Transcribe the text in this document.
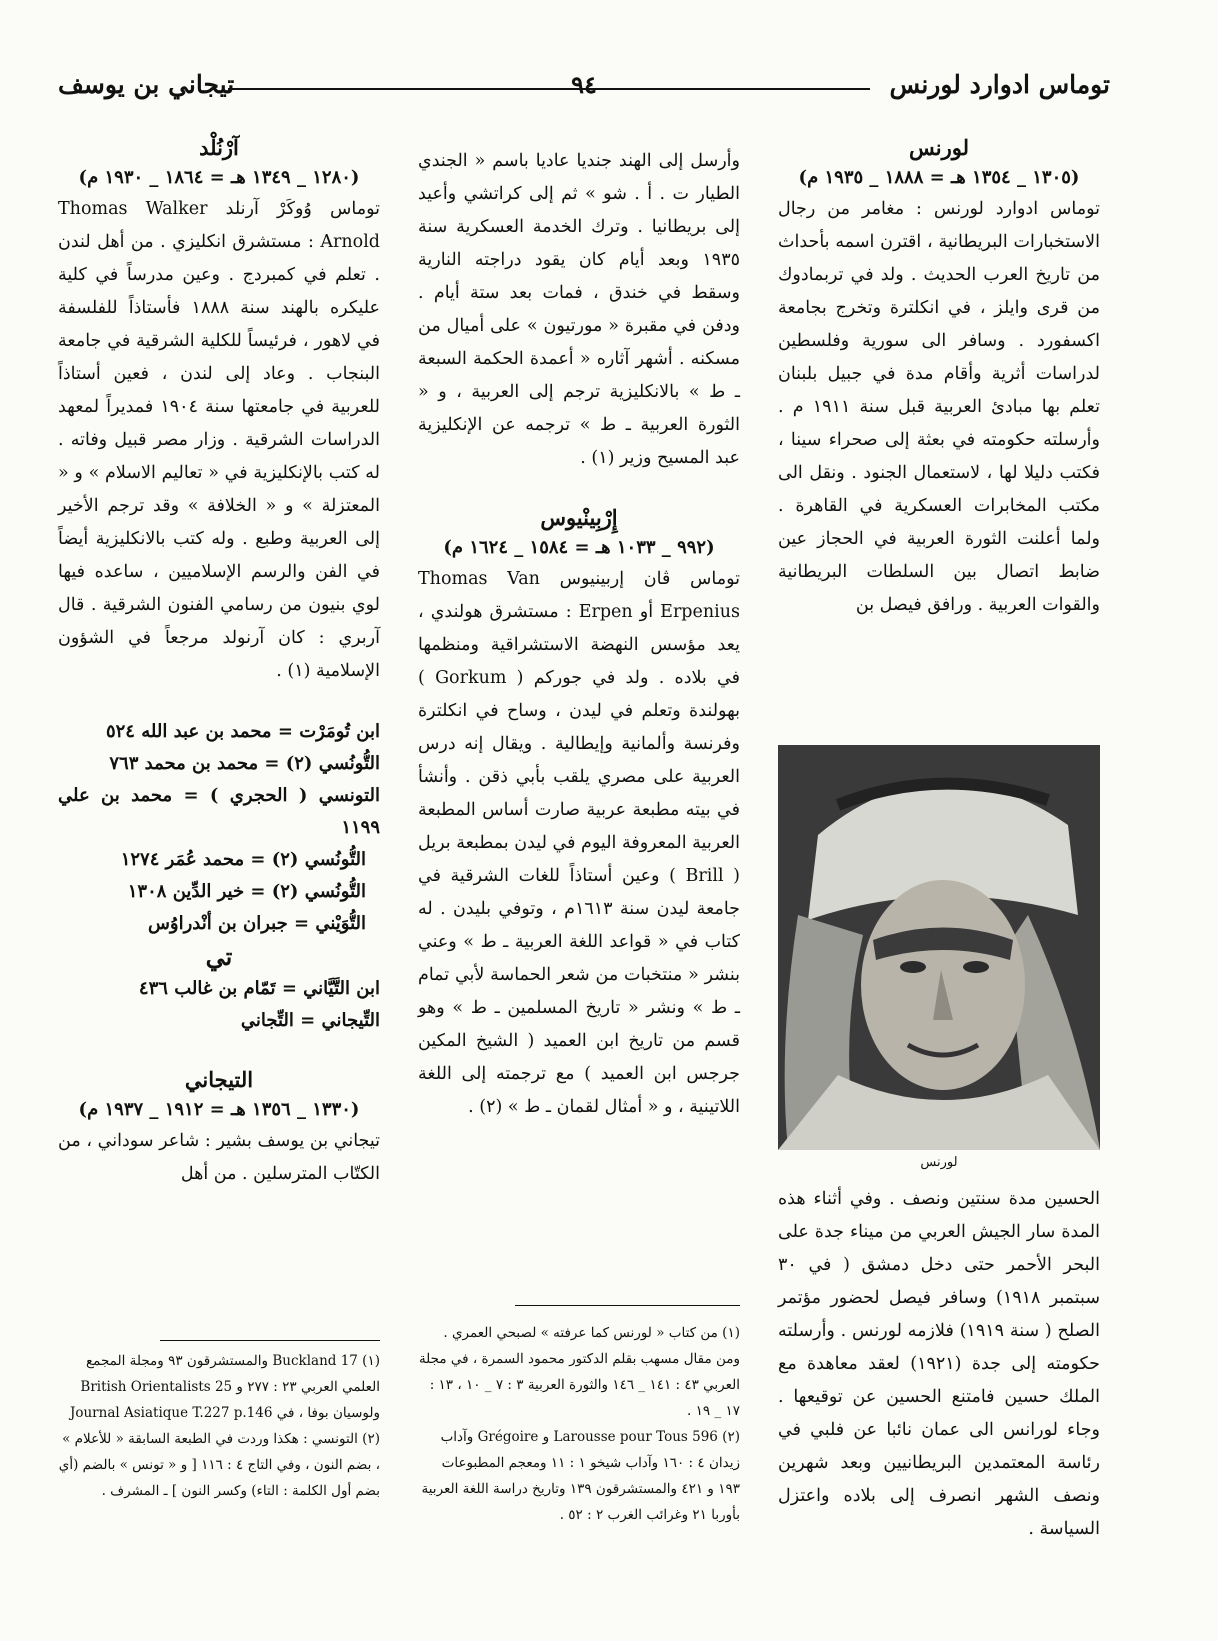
توماس ادوارد لورنس
٩٤
تيجاني بن يوسف

لورنس

(١٣٠٥ _ ١٣٥٤ هـ = ١٨٨٨ _ ١٩٣٥ م)

توماس ادوارد لورنس : مغامر من رجال الاستخبارات البريطانية ، اقترن اسمه بأحداث من تاريخ العرب الحديث . ولد في تربمادوك من قرى وايلز ، في انكلترة وتخرج بجامعة اكسفورد . وسافر الى سورية وفلسطين لدراسات أثرية وأقام مدة في جبيل بلبنان تعلم بها مبادئ العربية قبل سنة ١٩١١ م . وأرسلته حكومته في بعثة إلى صحراء سينا ، فكتب دليلا لها ، لاستعمال الجنود . ونقل الى مكتب المخابرات العسكرية في القاهرة . ولما أعلنت الثورة العربية في الحجاز عين ضابط اتصال بين السلطات البريطانية والقوات العربية . ورافق فيصل بن

لورنس

الحسين مدة سنتين ونصف . وفي أثناء هذه المدة سار الجيش العربي من ميناء جدة على البحر الأحمر حتى دخل دمشق ( في ٣٠ سبتمبر ١٩١٨) وسافر فيصل لحضور مؤتمر الصلح ( سنة ١٩١٩) فلازمه لورنس . وأرسلته حكومته إلى جدة (١٩٢١) لعقد معاهدة مع الملك حسين فامتنع الحسين عن توقيعها . وجاء لورانس الى عمان نائبا عن فلبي في رئاسة المعتمدين البريطانيين وبعد شهرين ونصف الشهر انصرف إلى بلاده واعتزل السياسة .

وأرسل إلى الهند جنديا عاديا باسم « الجندي الطيار ت . أ . شو » ثم إلى كراتشي وأعيد إلى بريطانيا . وترك الخدمة العسكرية سنة ١٩٣٥ وبعد أيام كان يقود دراجته النارية وسقط في خندق ، فمات بعد ستة أيام . ودفن في مقبرة « مورتيون » على أميال من مسكنه . أشهر آثاره « أعمدة الحكمة السبعة ـ ط » بالانكليزية ترجم إلى العربية ، و « الثورة العربية ـ ط » ترجمه عن الإنكليزية عبد المسيح وزير (١) .

إِرْبِينْيوس

(٩٩٢ _ ١٠٣٣ هـ = ١٥٨٤ _ ١٦٢٤ م)

توماس ڤان إربينيوس Thomas Van Erpenius أو Erpen : مستشرق هولندي ، يعد مؤسس النهضة الاستشراقية ومنظمها في بلاده . ولد في جوركم ( Gorkum ) بهولندة وتعلم في ليدن ، وساح في انكلترة وفرنسة وألمانية وإيطالية . ويقال إنه درس العربية على مصري يلقب بأبي ذقن . وأنشأ في بيته مطبعة عربية صارت أساس المطبعة العربية المعروفة اليوم في ليدن بمطبعة بريل ( Brill ) وعين أستاذاً للغات الشرقية في جامعة ليدن سنة ١٦١٣م ، وتوفي بليدن . له كتاب في « قواعد اللغة العربية ـ ط » وعني بنشر « منتخبات من شعر الحماسة لأبي تمام ـ ط » ونشر « تاريخ المسلمين ـ ط » وهو قسم من تاريخ ابن العميد ( الشيخ المكين جرجس ابن العميد ) مع ترجمته إلى اللغة اللاتينية ، و « أمثال لقمان ـ ط » (٢) .

آرْنُلْد

(١٢٨٠ _ ١٣٤٩ هـ = ١٨٦٤ _ ١٩٣٠ م)

توماس وُوكَرْ آرنلد Thomas Walker Arnold : مستشرق انكليزي . من أهل لندن . تعلم في كمبردج . وعين مدرساً في كلية عليكره بالهند سنة ١٨٨٨ فأستاذاً للفلسفة في لاهور ، فرئيساً للكلية الشرقية في جامعة البنجاب . وعاد إلى لندن ، فعين أستاذاً للعربية في جامعتها سنة ١٩٠٤ فمديراً لمعهد الدراسات الشرقية . وزار مصر قبيل وفاته . له كتب بالإنكليزية في « تعاليم الاسلام » و « المعتزلة » و « الخلافة » وقد ترجم الأخير إلى العربية وطبع . وله كتب بالانكليزية أيضاً في الفن والرسم الإسلاميين ، ساعده فيها لوي بنيون من رسامي الفنون الشرقية . قال آربري : كان آرنولد مرجعاً في الشؤون الإسلامية (١) .

ابن تُومَرْت = محمد بن عبد الله ٥٢٤

التُّونُسي (٢) = محمد بن محمد ٧٦٣

التونسي ( الحجري ) = محمد بن علي ١١٩٩

التُّونُسي (٢) = محمد عُمَر ١٢٧٤

التُّونُسي (٢) = خير الدِّين ١٣٠٨

التُّوَيْني = جبران بن أنْدراوُس

تي

ابن التَّيَّاني = تَمّام بن غالب ٤٣٦

التِّيجاني = التِّجاني

التيجاني

(١٣٣٠ _ ١٣٥٦ هـ = ١٩١٢ _ ١٩٣٧ م)

تيجاني بن يوسف بشير : شاعر سوداني ، من الكتّاب المترسلين . من أهل

(١) 17 Buckland والمستشرقون ٩٣ ومجلة المجمع العلمي العربي ٢٣ : ٢٧٧ و British Orientalists 25 ولوسيان بوفا ، في Journal Asiatique T.227 p.146

(٢) التونسي : هكذا وردت في الطبعة السابقة « للأعلام » ، بضم النون ، وفي التاج ٤ : ١١٦ [ و « تونس » بالضم (أي بضم أول الكلمة : التاء) وكسر النون ] ـ المشرف .

(١) من كتاب « لورنس كما عرفته » لصبحي العمري . ومن مقال مسهب بقلم الدكتور محمود السمرة ، في مجلة العربي ٤٣ : ١٤١ _ ١٤٦ والثورة العربية ٣ : ٧ _ ١٠ ، ١٣ : ١٧ _ ١٩ .

(٢) Larousse pour Tous 596 و Grégoire وآداب زيدان ٤ : ١٦٠ وآداب شيخو ١ : ١١ ومعجم المطبوعات ١٩٣ و ٤٢١ والمستشرقون ١٣٩ وتاريخ دراسة اللغة العربية بأوربا ٢١ وغرائب الغرب ٢ : ٥٢ .
